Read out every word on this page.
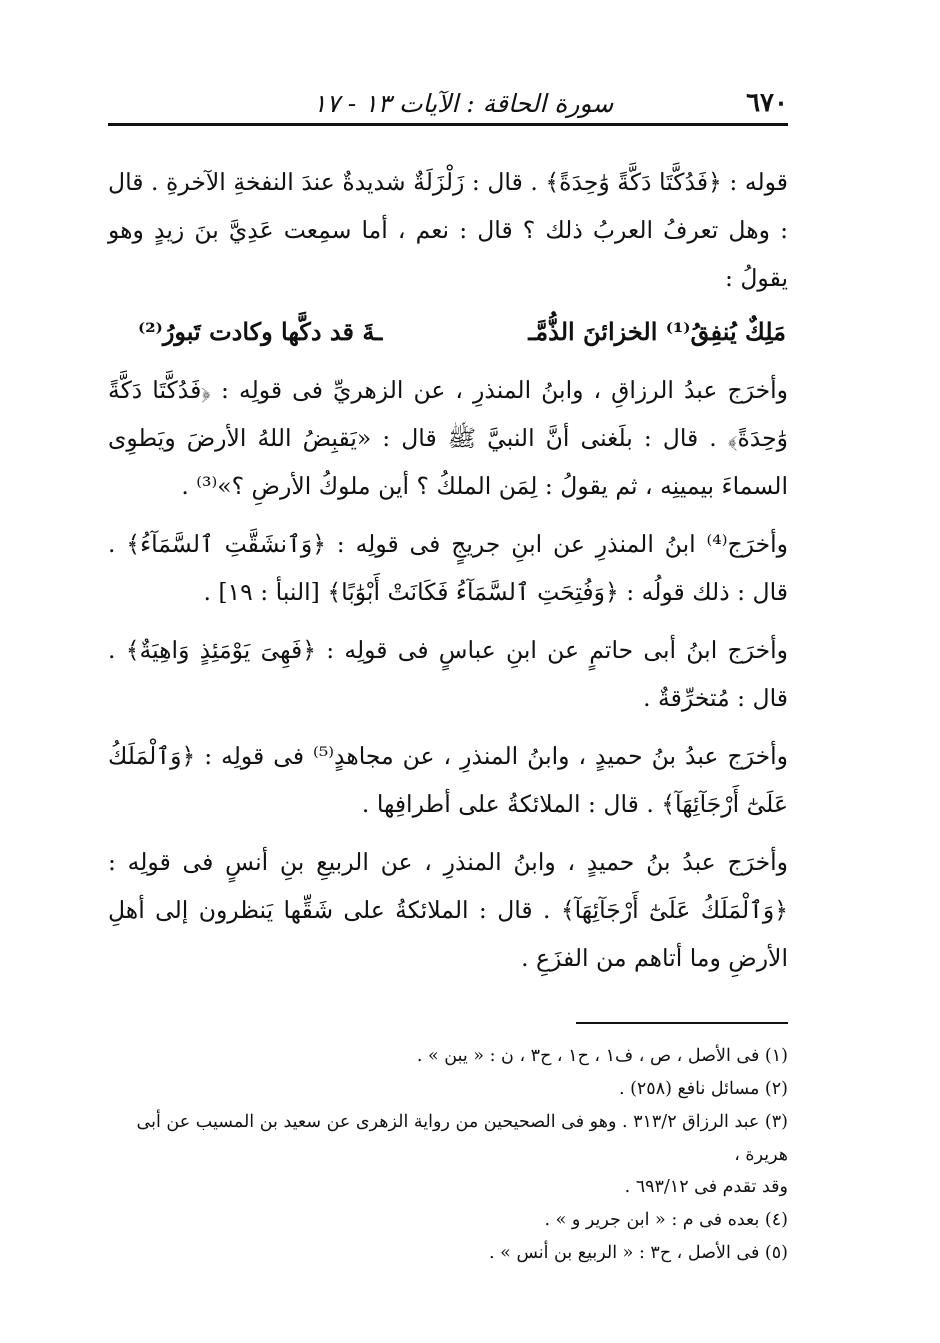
سورة الحاقة : الآيات ١٣ - ١٧	٦٧٠

قوله : ﴿فَدُكَّتَا دَكَّةً وَٰحِدَةً﴾ . قال : زَلْزَلَةٌ شديدةٌ عندَ النفخةِ الآخرةِ . قال : وهل تعرفُ العربُ ذلك ؟ قال : نعم ، أما سمِعت عَدِيَّ بنَ زيدٍ وهو يقولُ :

مَلِكٌ يُنفِقُ⁽¹⁾ الخزائنَ الذُّمَّـ
ـةَ قد دكَّها وكادت تَبورُ⁽²⁾

وأخرَج عبدُ الرزاقِ ، وابنُ المنذرِ ، عن الزهريِّ فى قولِه : ﴿فَدُكَّتَا دَكَّةً وَٰحِدَةً﴾ . قال : بلَغنى أنَّ النبيَّ ﷺ قال : «يَقبِضُ اللهُ الأرضَ ويَطوِى السماءَ بيمينِه ، ثم يقولُ : لِمَن الملكُ ؟ أين ملوكُ الأرضِ ؟»⁽³⁾ .

وأخرَج⁽⁴⁾ ابنُ المنذرِ عن ابنِ جريجٍ فى قولِه : ﴿وَٱنشَقَّتِ ٱلسَّمَآءُ﴾ . قال : ذلك قولُه : ﴿وَفُتِحَتِ ٱلسَّمَآءُ فَكَانَتْ أَبْوَٰبًا﴾ [النبأ : ١٩] .

وأخرَج ابنُ أبى حاتمٍ عن ابنِ عباسٍ فى قولِه : ﴿فَهِىَ يَوْمَئِذٍ وَاهِيَةٌ﴾ . قال : مُتخرِّقةٌ .

وأخرَج عبدُ بنُ حميدٍ ، وابنُ المنذرِ ، عن مجاهدٍ⁽⁵⁾ فى قولِه : ﴿وَٱلْمَلَكُ عَلَىٰٓ أَرْجَآئِهَآ﴾ . قال : الملائكةُ على أطرافِها .

وأخرَج عبدُ بنُ حميدٍ ، وابنُ المنذرِ ، عن الربيعِ بنِ أنسٍ فى قولِه : ﴿وَٱلْمَلَكُ عَلَىٰٓ أَرْجَآئِهَآ﴾ . قال : الملائكةُ على شَقِّها يَنظرون إلى أهلِ الأرضِ وما أتاهم من الفزَعِ .

(١) فى الأصل ، ص ، ف١ ، ح١ ، ح٣ ، ن : « يبن » .

(٢) مسائل نافع (٢٥٨) .

(٣) عبد الرزاق ٣١٣/٢ . وهو فى الصحيحين من رواية الزهرى عن سعيد بن المسيب عن أبى هريرة ،

وقد تقدم فى ٦٩٣/١٢ .

(٤) بعده فى م : « ابن جرير و » .

(٥) فى الأصل ، ح٣ : « الربيع بن أنس » .
